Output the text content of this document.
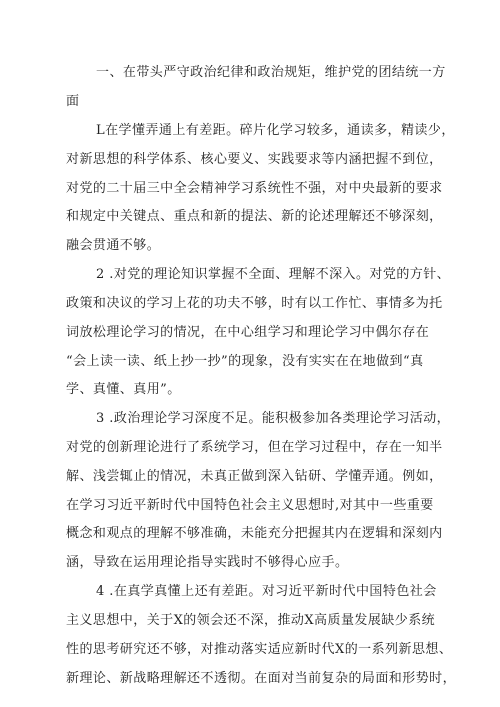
一、在带头严守政治纪律和政治规矩，维护党的团结统一方
面
L在学懂弄通上有差距。碎片化学习较多，通读多，精读少，
对新思想的科学体系、核心要义、实践要求等内涵把握不到位，
对党的二十届三中全会精神学习系统性不强，对中央最新的要求
和规定中关键点、重点和新的提法、新的论述理解还不够深刻，
融会贯通不够。
2 .对党的理论知识掌握不全面、理解不深入。对党的方针、
政策和决议的学习上花的功夫不够，时有以工作忙、事情多为托
词放松理论学习的情况，在中心组学习和理论学习中偶尔存在
“会上读一读、纸上抄一抄”的现象，没有实实在在地做到“真
学、真懂、真用”。
3 .政治理论学习深度不足。能积极参加各类理论学习活动，
对党的创新理论进行了系统学习，但在学习过程中，存在一知半
解、浅尝辄止的情况，未真正做到深入钻研、学懂弄通。例如，
在学习习近平新时代中国特色社会主义思想时,对其中一些重要
概念和观点的理解不够准确，未能充分把握其内在逻辑和深刻内
涵，导致在运用理论指导实践时不够得心应手。
4 .在真学真懂上还有差距。对习近平新时代中国特色社会
主义思想中，关于X的领会还不深，推动X高质量发展缺少系统
性的思考研究还不够，对推动落实适应新时代X的一系列新思想、
新理论、新战略理解还不透彻。在面对当前复杂的局面和形势时，
